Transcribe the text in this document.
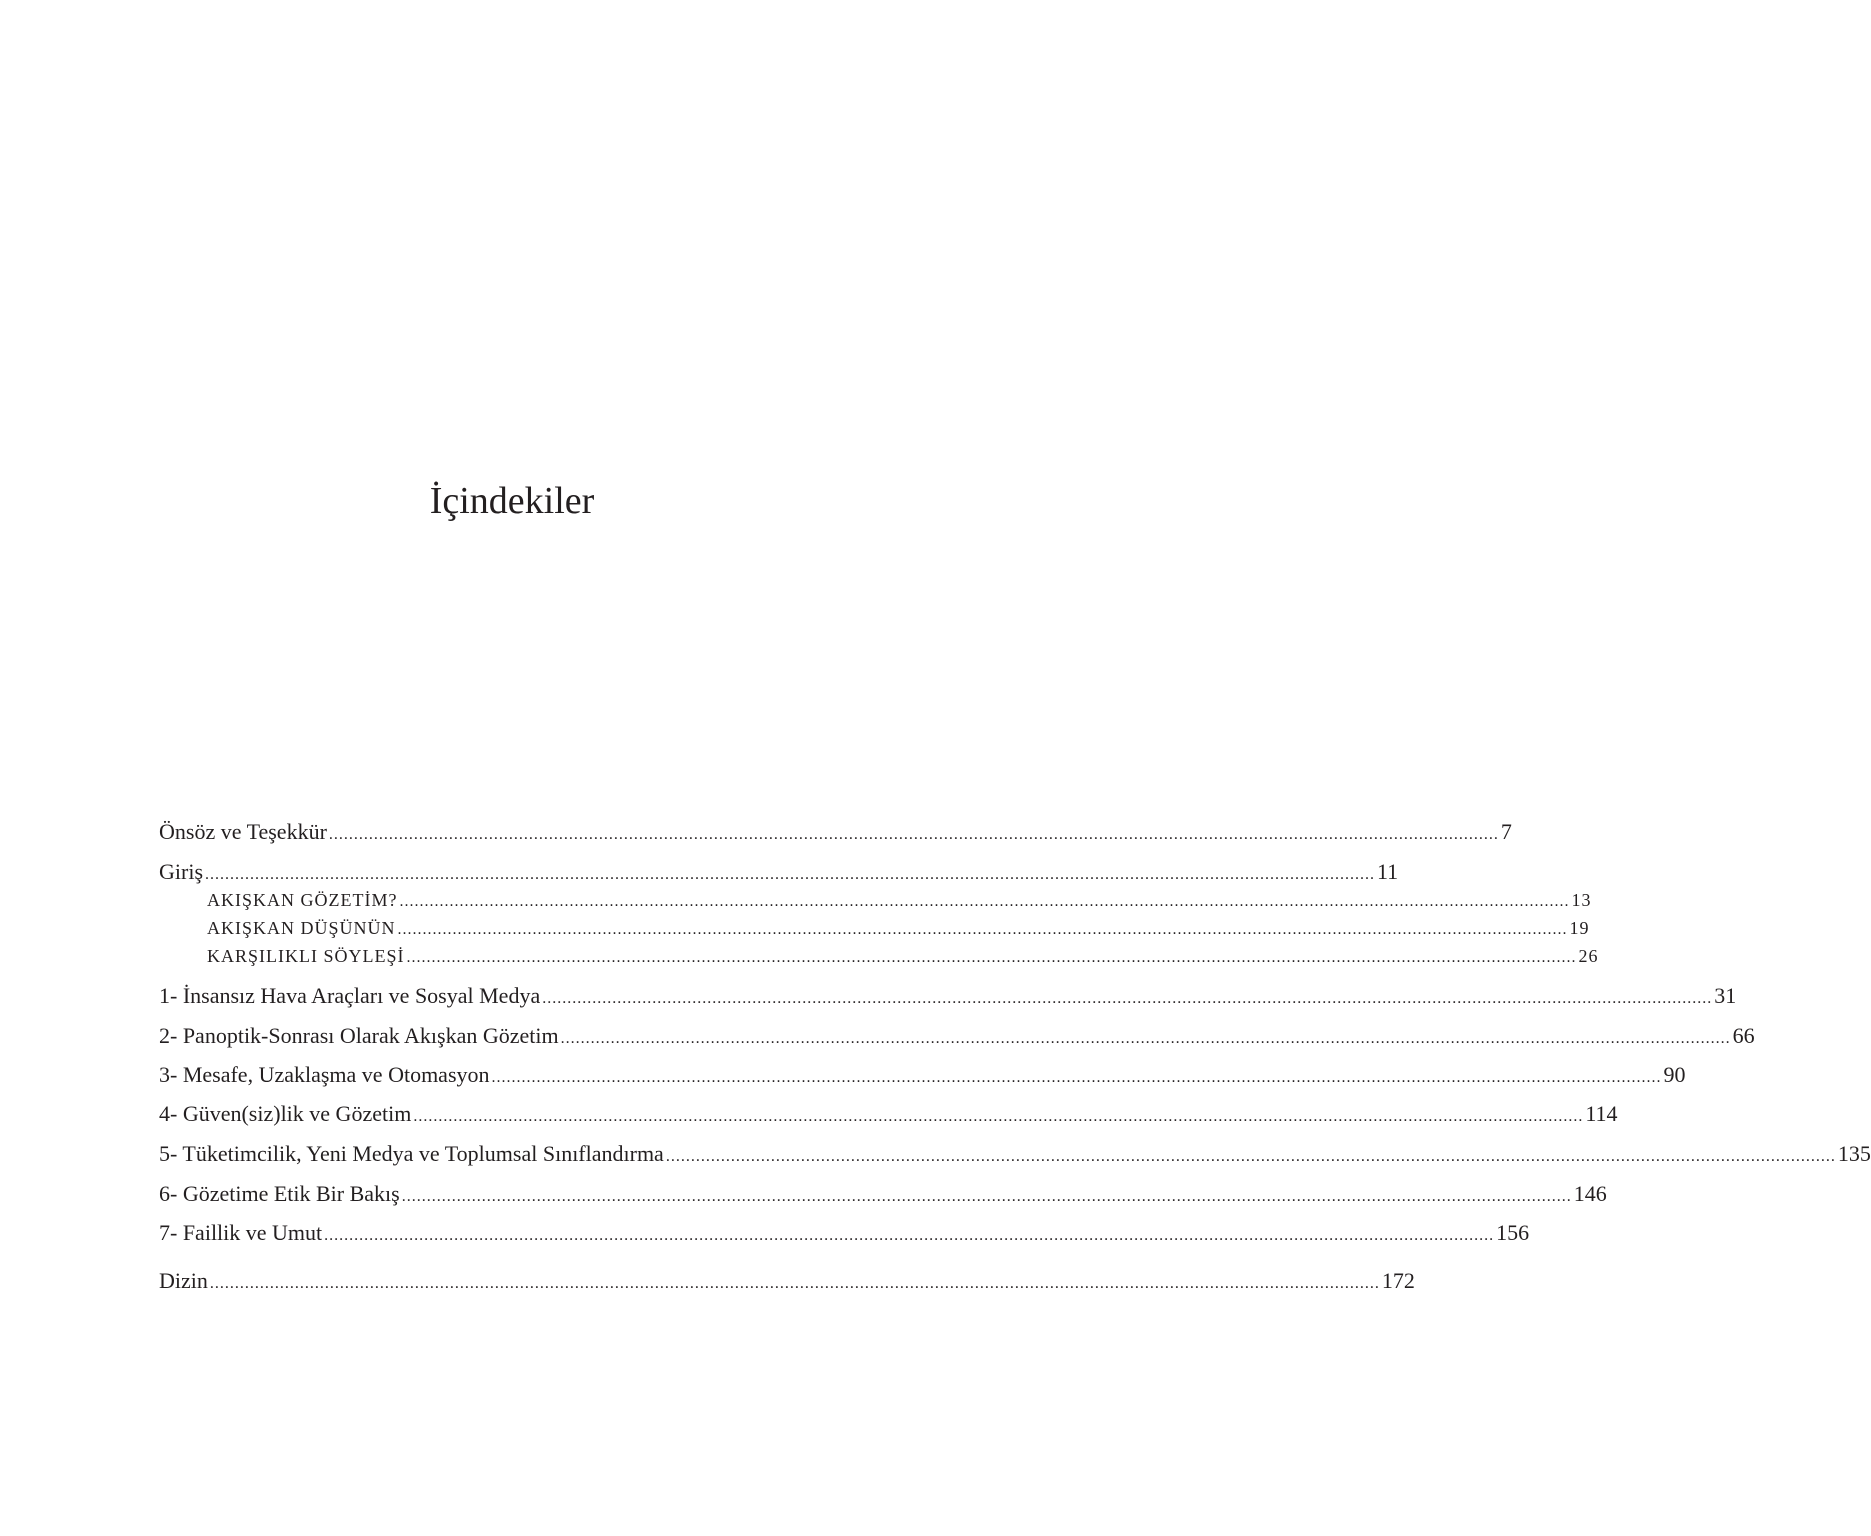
İçindekiler
Önsöz ve Teşekkür .......................................................................................................................................................................................................................................... 7
Giriş .......................................................................................................................................................................................................................................... 11
AKIŞKAN GÖZETİM? .......................................................................................................................................................................................................................................... 13
AKIŞKAN DÜŞÜNÜN .......................................................................................................................................................................................................................................... 19
KARŞILIKLI SÖYLEŞİ .......................................................................................................................................................................................................................................... 26
1- İnsansız Hava Araçları ve Sosyal Medya .......................................................................................................................................................................................................................................... 31
2- Panoptik-Sonrası Olarak Akışkan Gözetim .......................................................................................................................................................................................................................................... 66
3- Mesafe, Uzaklaşma ve Otomasyon .......................................................................................................................................................................................................................................... 90
4- Güven(siz)lik ve Gözetim .......................................................................................................................................................................................................................................... 114
5- Tüketimcilik, Yeni Medya ve Toplumsal Sınıflandırma .......................................................................................................................................................................................................................................... 135
6- Gözetime Etik Bir Bakış .......................................................................................................................................................................................................................................... 146
7- Faillik ve Umut .......................................................................................................................................................................................................................................... 156
Dizin .......................................................................................................................................................................................................................................... 172
